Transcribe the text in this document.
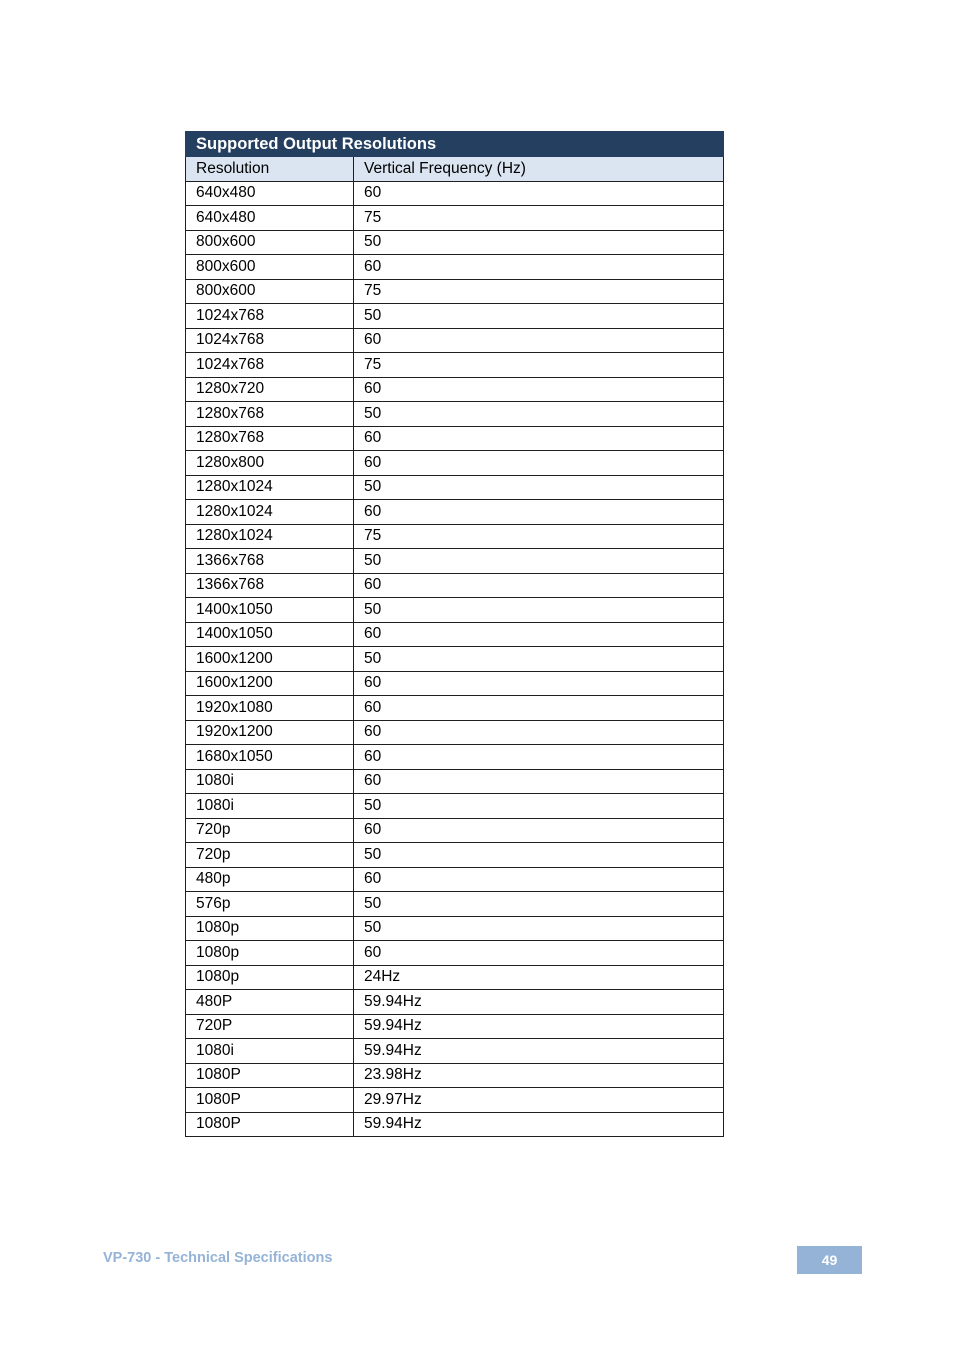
Supported Output Resolutions	
Resolution	Vertical Frequency (Hz)
640x480	60
640x480	75
800x600	50
800x600	60
800x600	75
1024x768	50
1024x768	60
1024x768	75
1280x720	60
1280x768	50
1280x768	60
1280x800	60
1280x1024	50
1280x1024	60
1280x1024	75
1366x768	50
1366x768	60
1400x1050	50
1400x1050	60
1600x1200	50
1600x1200	60
1920x1080	60
1920x1200	60
1680x1050	60
1080i	60
1080i	50
720p	60
720p	50
480p	60
576p	50
1080p	50
1080p	60
1080p	24Hz
480P	59.94Hz
720P	59.94Hz
1080i	59.94Hz
1080P	23.98Hz
1080P	29.97Hz
1080P	59.94Hz
VP-730 - Technical Specifications	49
